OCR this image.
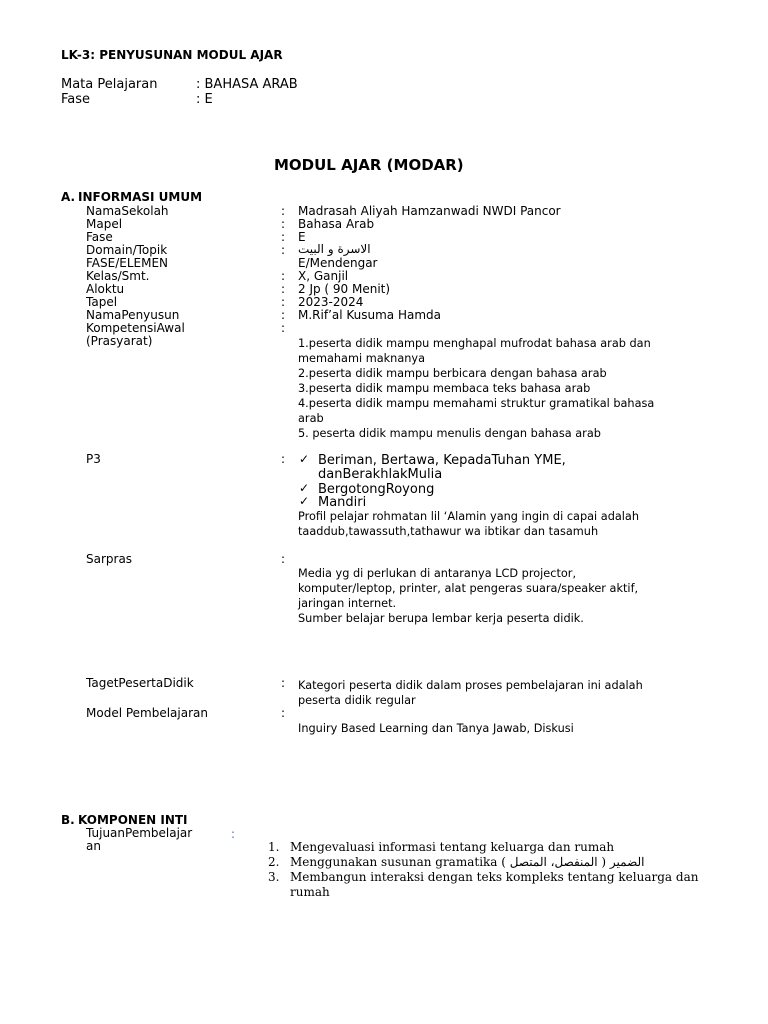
LK-3: PENYUSUNAN MODUL AJAR
Mata Pelajaran	: BAHASA ARAB
Fase	: E
MODUL AJAR (MODAR)
A. INFORMASI UMUM
NamaSekolah	: Madrasah Aliyah Hamzanwadi NWDI Pancor
Mapel	: Bahasa Arab
Fase	: E
Domain/Topik	: الاسرة و البيت
FASE/ELEMEN	E/Mendengar
Kelas/Smt.	: X, Ganjil
Aloktu	: 2 Jp ( 90 Menit)
Tapel	: 2023-2024
NamaPenyusun	: M.Rif’al Kusuma Hamda
KompetensiAwal	:
(Prasyarat)	1.peserta didik mampu menghapal mufrodat bahasa arab dan
memahami maknanya
2.peserta didik mampu berbicara dengan bahasa arab
3.peserta didik mampu membaca teks bahasa arab
4.peserta didik mampu memahami struktur gramatikal bahasa
arab
5. peserta didik mampu menulis dengan bahasa arab
P3	: ✓ Beriman, Bertawa, KepadaTuhan YME,
danBerakhlakMulia
✓ BergotongRoyong
✓ Mandiri
Profil pelajar rohmatan lil ‘Alamin yang ingin di capai adalah
taaddub,tawassuth,tathawur wa ibtikar dan tasamuh
Sarpras	:
Media yg di perlukan di antaranya LCD projector,
komputer/leptop, printer, alat pengeras suara/speaker aktif,
jaringan internet.
Sumber belajar berupa lembar kerja peserta didik.
TagetPesertaDidik	: Kategori peserta didik dalam proses pembelajaran ini adalah
peserta didik regular
Model Pembelajaran	:
Inguiry Based Learning dan Tanya Jawab, Diskusi
B. KOMPONEN INTI
TujuanPembelajar	:
an	1. Mengevaluasi informasi tentang keluarga dan rumah
2. Menggunakan susunan gramatika ( المنفصل، المتصل ) الضمير
3. Membangun interaksi dengan teks kompleks tentang keluarga dan
rumah
